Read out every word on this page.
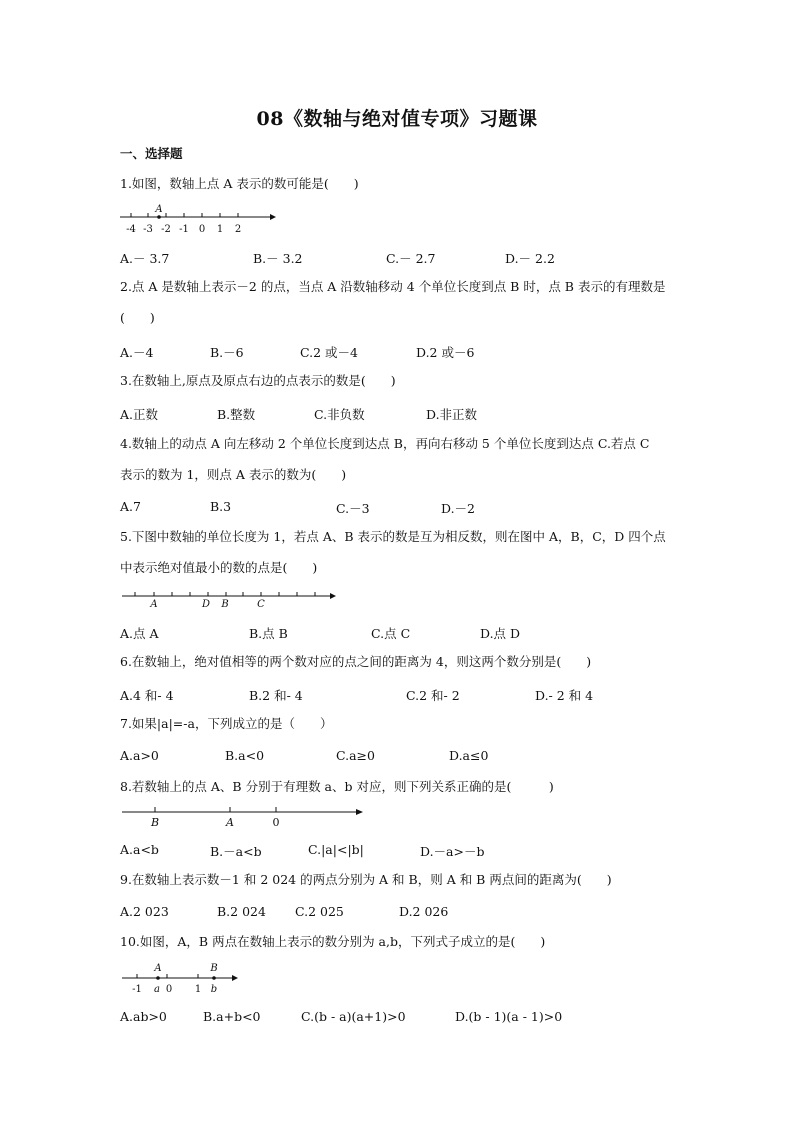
08《数轴与绝对值专项》习题课
一、选择题
1.如图，数轴上点 A 表示的数可能是(　　)
A
-4 -3 -2 -1 0 1 2
A.－ 3.7	B.－ 3.2	C.－ 2.7	D.－ 2.2
2.点 A 是数轴上表示－2 的点，当点 A 沿数轴移动 4 个单位长度到点 B 时，点 B 表示的有理数是
(　　)
A.－4	B.－6	C.2 或－4	D.2 或－6
3.在数轴上,原点及原点右边的点表示的数是(　　)
A.正数	B.整数	C.非负数	D.非正数
4.数轴上的动点 A 向左移动 2 个单位长度到达点 B，再向右移动 5 个单位长度到达点 C.若点 C
表示的数为 1，则点 A 表示的数为(　　)
A.7	B.3	C.－3	D.－2
5.下图中数轴的单位长度为 1，若点 A、B 表示的数是互为相反数，则在图中 A，B，C，D 四个点
中表示绝对值最小的数的点是(　　)
A	D B	C
A.点 A	B.点 B	C.点 C	D.点 D
6.在数轴上，绝对值相等的两个数对应的点之间的距离为 4，则这两个数分别是(　　)
A.4 和- 4	B.2 和- 4	C.2 和- 2	D.- 2 和 4
7.如果|a|=-a，下列成立的是（　　）
A.a>0	B.a<0	C.a≥0	D.a≤0
8.若数轴上的点 A、B 分别于有理数 a、b 对应，则下列关系正确的是(　　　)
B	A	0
A.a<b	B.－a<b	C.|a|<|b|	D.－a>－b
9.在数轴上表示数－1 和 2 024 的两点分别为 A 和 B，则 A 和 B 两点间的距离为(　　)
A.2 023	B.2 024 C.2 025	D.2 026
10.如图，A，B 两点在数轴上表示的数分别为 a,b，下列式子成立的是(　　)
A	B
-1 a 0 1 b
A.ab>0	B.a+b<0	C.(b - a)(a+1)>0	D.(b - 1)(a - 1)>0
